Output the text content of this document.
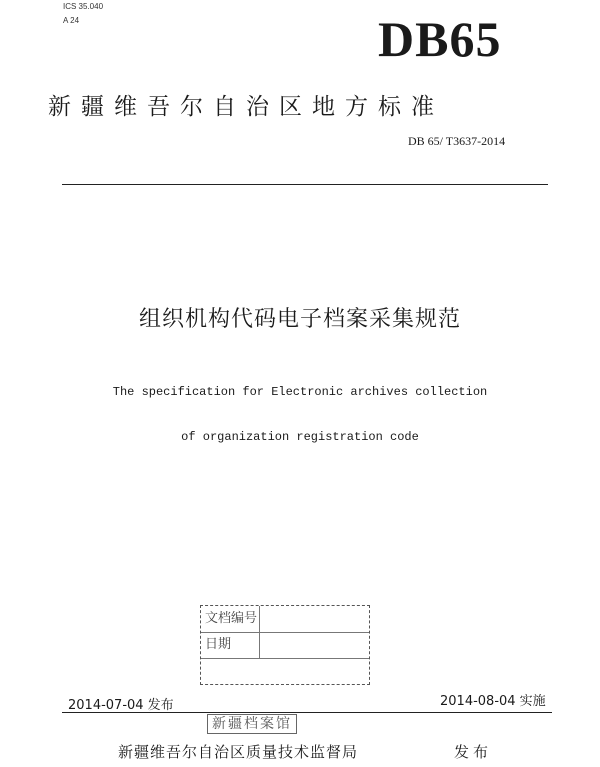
ICS 35.040
A 24	DB65
新疆维吾尔自治区地方标准
DB 65/ T3637-2014
组织机构代码电子档案采集规范
The specification for Electronic archives collection
of organization registration code
文档编号
日期
新疆档案馆
2014-07-04 发布	2014-08-04 实施
新疆维吾尔自治区质量技术监督局	发布
